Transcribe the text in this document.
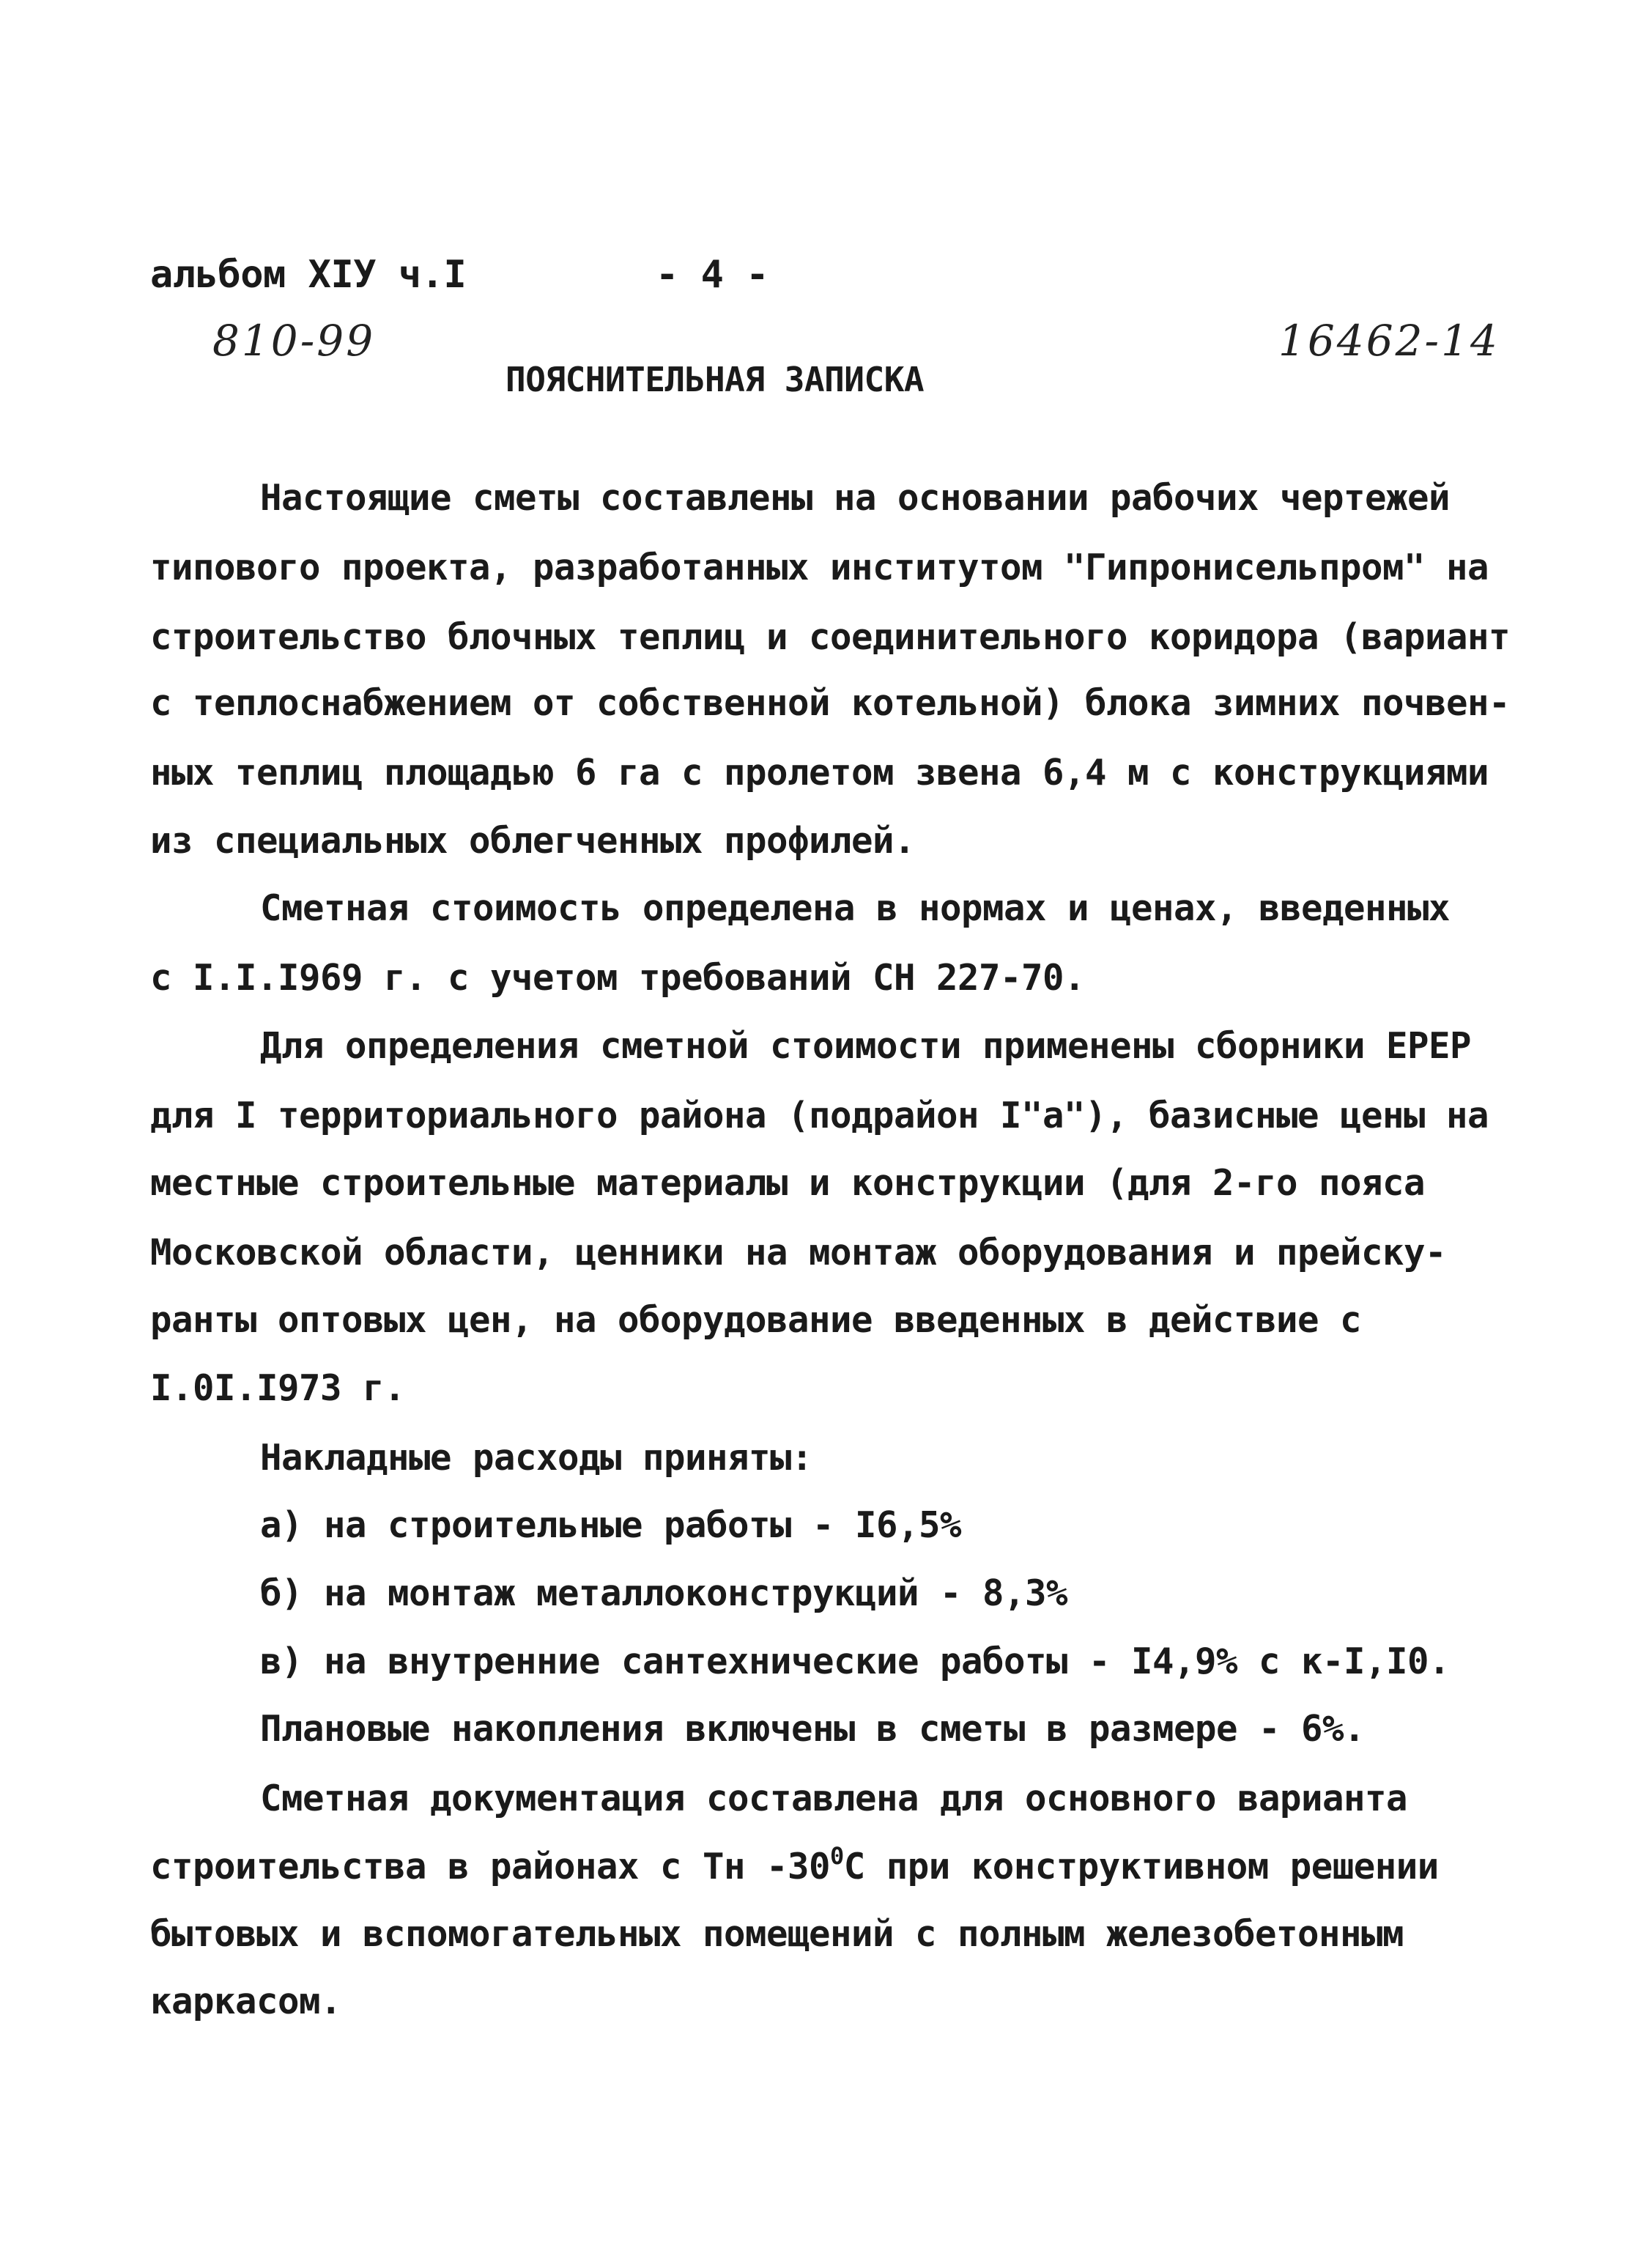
альбом XIУ ч.I	- 4 -
810-99	16462-14
ПОЯСНИТЕЛЬНАЯ ЗАПИСКА
Настоящие сметы составлены на основании рабочих чертежей
типового проекта, разработанных институтом "Гипронисельпром" на
строительство блочных теплиц и соединительного коридора (вариант
с теплоснабжением от собственной котельной) блока зимних почвен-
ных теплиц площадью 6 га с пролетом звена 6,4 м с конструкциями
из специальных облегченных профилей.
Сметная стоимость определена в нормах и ценах, введенных
с I.I.I969 г. с учетом требований СН 227-70.
Для определения сметной стоимости применены сборники ЕРЕР
для I территориального района (подрайон I"а"), базисные цены на
местные строительные материалы и конструкции (для 2-го пояса
Московской области, ценники на монтаж оборудования и прейску-
ранты оптовых цен, на оборудование введенных в действие с
I.0I.I973 г.
Накладные расходы приняты:
а) на строительные работы - I6,5%
б) на монтаж металлоконструкций - 8,3%
в) на внутренние сантехнические работы - I4,9% с к-I,I0.
Плановые накопления включены в сметы в размере - 6%.
Сметная документация составлена для основного варианта
строительства в районах с Тн $-30^0С$ при конструктивном решении
бытовых и вспомогательных помещений с полным железобетонным
каркасом.
